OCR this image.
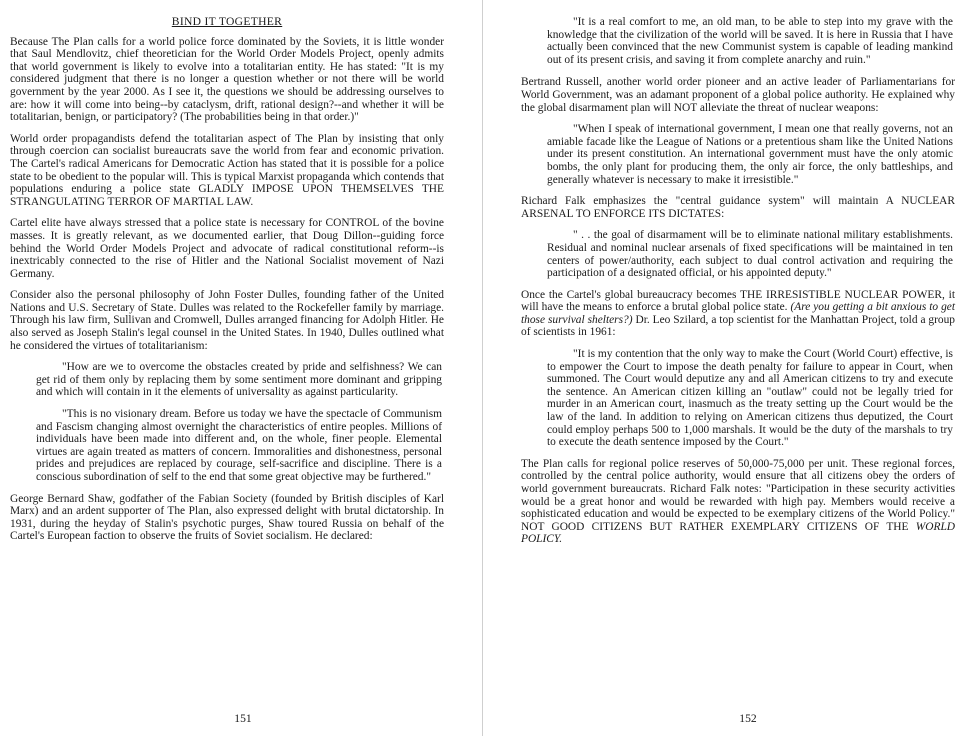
BIND IT TOGETHER

Because The Plan calls for a world police force dominated by the Soviets, it is little wonder that Saul Mendlovitz, chief theoretician for the World Order Models Project, openly admits that world government is likely to evolve into a totalitarian entity. He has stated: "It is my considered judgment that there is no longer a question whether or not there will be world government by the year 2000. As I see it, the questions we should be addressing ourselves to are: how it will come into being--by cataclysm, drift, rational design?--and whether it will be totalitarian, benign, or participatory? (The probabilities being in that order.)"

World order propagandists defend the totalitarian aspect of The Plan by insisting that only through coercion can socialist bureaucrats save the world from fear and economic privation. The Cartel's radical Americans for Democratic Action has stated that it is possible for a police state to be obedient to the popular will. This is typical Marxist propaganda which contends that populations enduring a police state GLADLY IMPOSE UPON THEMSELVES THE STRANGULATING TERROR OF MARTIAL LAW.

Cartel elite have always stressed that a police state is necessary for CONTROL of the bovine masses. It is greatly relevant, as we documented earlier, that Doug Dillon--guiding force behind the World Order Models Project and advocate of radical constitutional reform--is inextricably connected to the rise of Hitler and the National Socialist movement of Nazi Germany.

Consider also the personal philosophy of John Foster Dulles, founding father of the United Nations and U.S. Secretary of State. Dulles was related to the Rockefeller family by marriage. Through his law firm, Sullivan and Cromwell, Dulles arranged financing for Adolph Hitler. He also served as Joseph Stalin's legal counsel in the United States. In 1940, Dulles outlined what he considered the virtues of totalitarianism:

"How are we to overcome the obstacles created by pride and selfishness? We can get rid of them only by replacing them by some sentiment more dominant and gripping and which will contain in it the elements of universality as against particularity.

"This is no visionary dream. Before us today we have the spectacle of Communism and Fascism changing almost overnight the characteristics of entire peoples. Millions of individuals have been made into different and, on the whole, finer people. Elemental virtues are again treated as matters of concern. Immoralities and dishonestness, personal prides and prejudices are replaced by courage, self-sacrifice and discipline. There is a conscious subordination of self to the end that some great objective may be furthered."

George Bernard Shaw, godfather of the Fabian Society (founded by British disciples of Karl Marx) and an ardent supporter of The Plan, also expressed delight with brutal dictatorship. In 1931, during the heyday of Stalin's psychotic purges, Shaw toured Russia on behalf of the Cartel's European faction to observe the fruits of Soviet socialism. He declared:

"It is a real comfort to me, an old man, to be able to step into my grave with the knowledge that the civilization of the world will be saved. It is here in Russia that I have actually been convinced that the new Communist system is capable of leading mankind out of its present crisis, and saving it from complete anarchy and ruin."

Bertrand Russell, another world order pioneer and an active leader of Parliamentarians for World Government, was an adamant proponent of a global police authority. He explained why the global disarmament plan will NOT alleviate the threat of nuclear weapons:

"When I speak of international government, I mean one that really governs, not an amiable facade like the League of Nations or a pretentious sham like the United Nations under its present constitution. An international government must have the only atomic bombs, the only plant for producing them, the only air force, the only battleships, and generally whatever is necessary to make it irresistible."

Richard Falk emphasizes the "central guidance system" will maintain A NUCLEAR ARSENAL TO ENFORCE ITS DICTATES:

" . . the goal of disarmament will be to eliminate national military establishments. Residual and nominal nuclear arsenals of fixed specifications will be maintained in ten centers of power/authority, each subject to dual control activation and requiring the participation of a designated official, or his appointed deputy."

Once the Cartel's global bureaucracy becomes THE IRRESISTIBLE NUCLEAR POWER, it will have the means to enforce a brutal global police state. (Are you getting a bit anxious to get those survival shelters?) Dr. Leo Szilard, a top scientist for the Manhattan Project, told a group of scientists in 1961:

"It is my contention that the only way to make the Court (World Court) effective, is to empower the Court to impose the death penalty for failure to appear in Court, when summoned. The Court would deputize any and all American citizens to try and execute the sentence. An American citizen killing an "outlaw" could not be legally tried for murder in an American court, inasmuch as the treaty setting up the Court would be the law of the land. In addition to relying on American citizens thus deputized, the Court could employ perhaps 500 to 1,000 marshals. It would be the duty of the marshals to try to execute the death sentence imposed by the Court."

The Plan calls for regional police reserves of 50,000-75,000 per unit. These regional forces, controlled by the central police authority, would ensure that all citizens obey the orders of world government bureaucrats. Richard Falk notes: "Participation in these security activities would be a great honor and would be rewarded with high pay. Members would receive a sophisticated education and would be expected to be exemplary citizens of the World Policy." NOT GOOD CITIZENS BUT RATHER EXEMPLARY CITIZENS OF THE WORLD POLICY.

151	152
